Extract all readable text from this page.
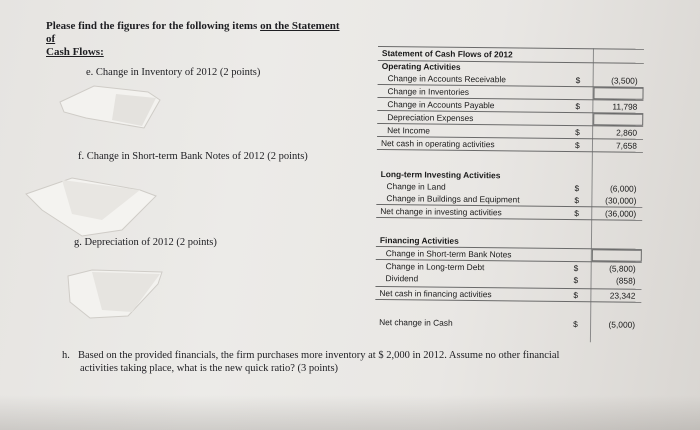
Please find the figures for the following items on the Statement of
Cash Flows:
e. Change in Inventory of 2012 (2 points)
f. Change in Short-term Bank Notes of 2012 (2 points)
g. Depreciation of 2012 (2 points)
h. Based on the provided financials, the firm purchases more inventory at $ 2,000 in 2012. Assume no other financial
activities taking place, what is the new quick ratio? (3 points)
Statement of Cash Flows of 2012
Operating Activities
Change in Accounts Receivable	$	(3,500)
Change in Inventories
Change in Accounts Payable	$	11,798
Depreciation Expenses
Net Income	$	2,860
Net cash in operating activities	$	7,658
Long-term Investing Activities
Change in Land	$	(6,000)
Change in Buildings and Equipment	$	(30,000)
Net change in investing activities	$	(36,000)
Financing Activities
Change in Short-term Bank Notes
Change in Long-term Debt	$	(5,800)
Dividend	$	(858)
Net cash in financing activities	$	23,342
Net change in Cash	$	(5,000)
